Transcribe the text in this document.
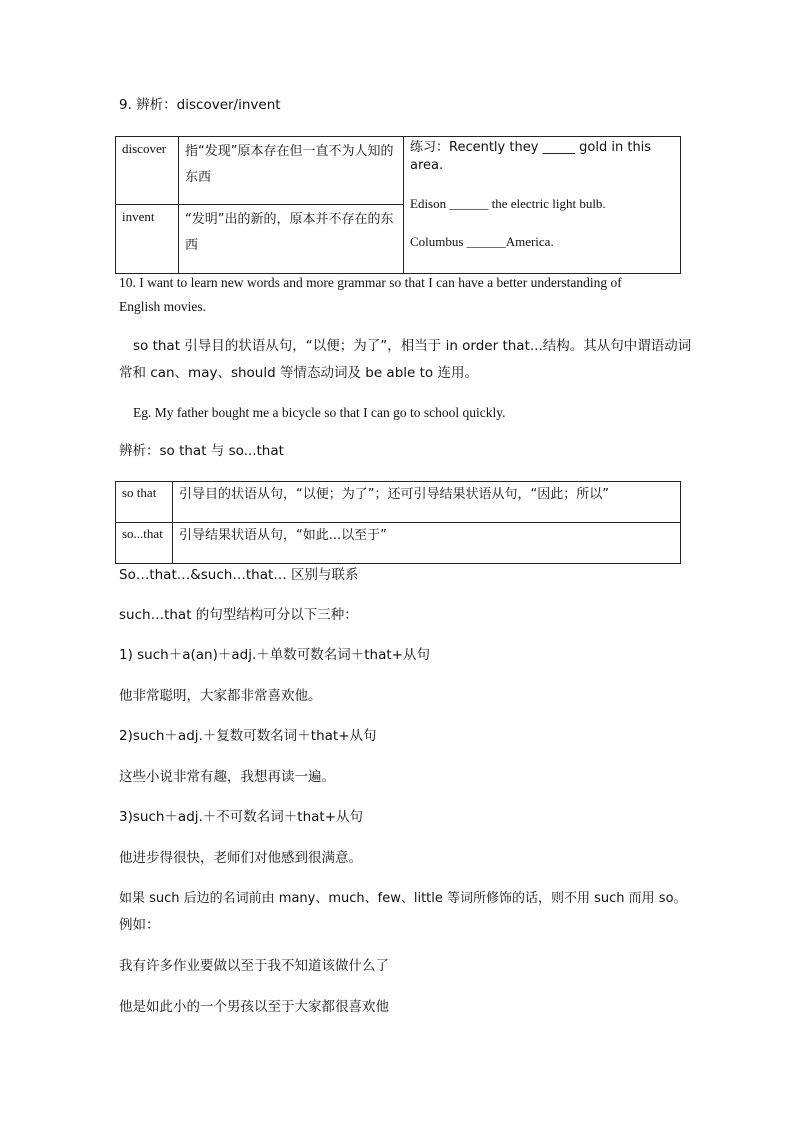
9. 辨析：discover/invent
discover	指“发现”原本存在但一直不为人知的东西	练习：Recently they _____ gold in this area.
Edison ______ the electric light bulb.
Columbus ______America.

invent	“发明”出的新的，原本并不存在的东西	
10. I want to learn new words and more grammar so that I can have a better understanding of
English movies.
so that 引导目的状语从句，“以便；为了”，相当于 in order that...结构。其从句中谓语动词
常和 can、may、should 等情态动词及 be able to 连用。
Eg. My father bought me a bicycle so that I can go to school quickly.
辨析：so that 与 so...that
so that	引导目的状语从句，“以便；为了”；还可引导结果状语从句，“因此；所以”

so...that	引导结果状语从句，“如此...以至于”
So…that…&such…that… 区别与联系
such…that 的句型结构可分以下三种：
1) such＋a(an)＋adj.＋单数可数名词＋that+从句
他非常聪明，大家都非常喜欢他。
2)such＋adj.＋复数可数名词＋that+从句
这些小说非常有趣，我想再读一遍。
3)such＋adj.＋不可数名词＋that+从句
他进步得很快，老师们对他感到很满意。
如果 such 后边的名词前由 many、much、few、little 等词所修饰的话，则不用 such 而用 so。
例如：
我有许多作业要做以至于我不知道该做什么了
他是如此小的一个男孩以至于大家都很喜欢他
